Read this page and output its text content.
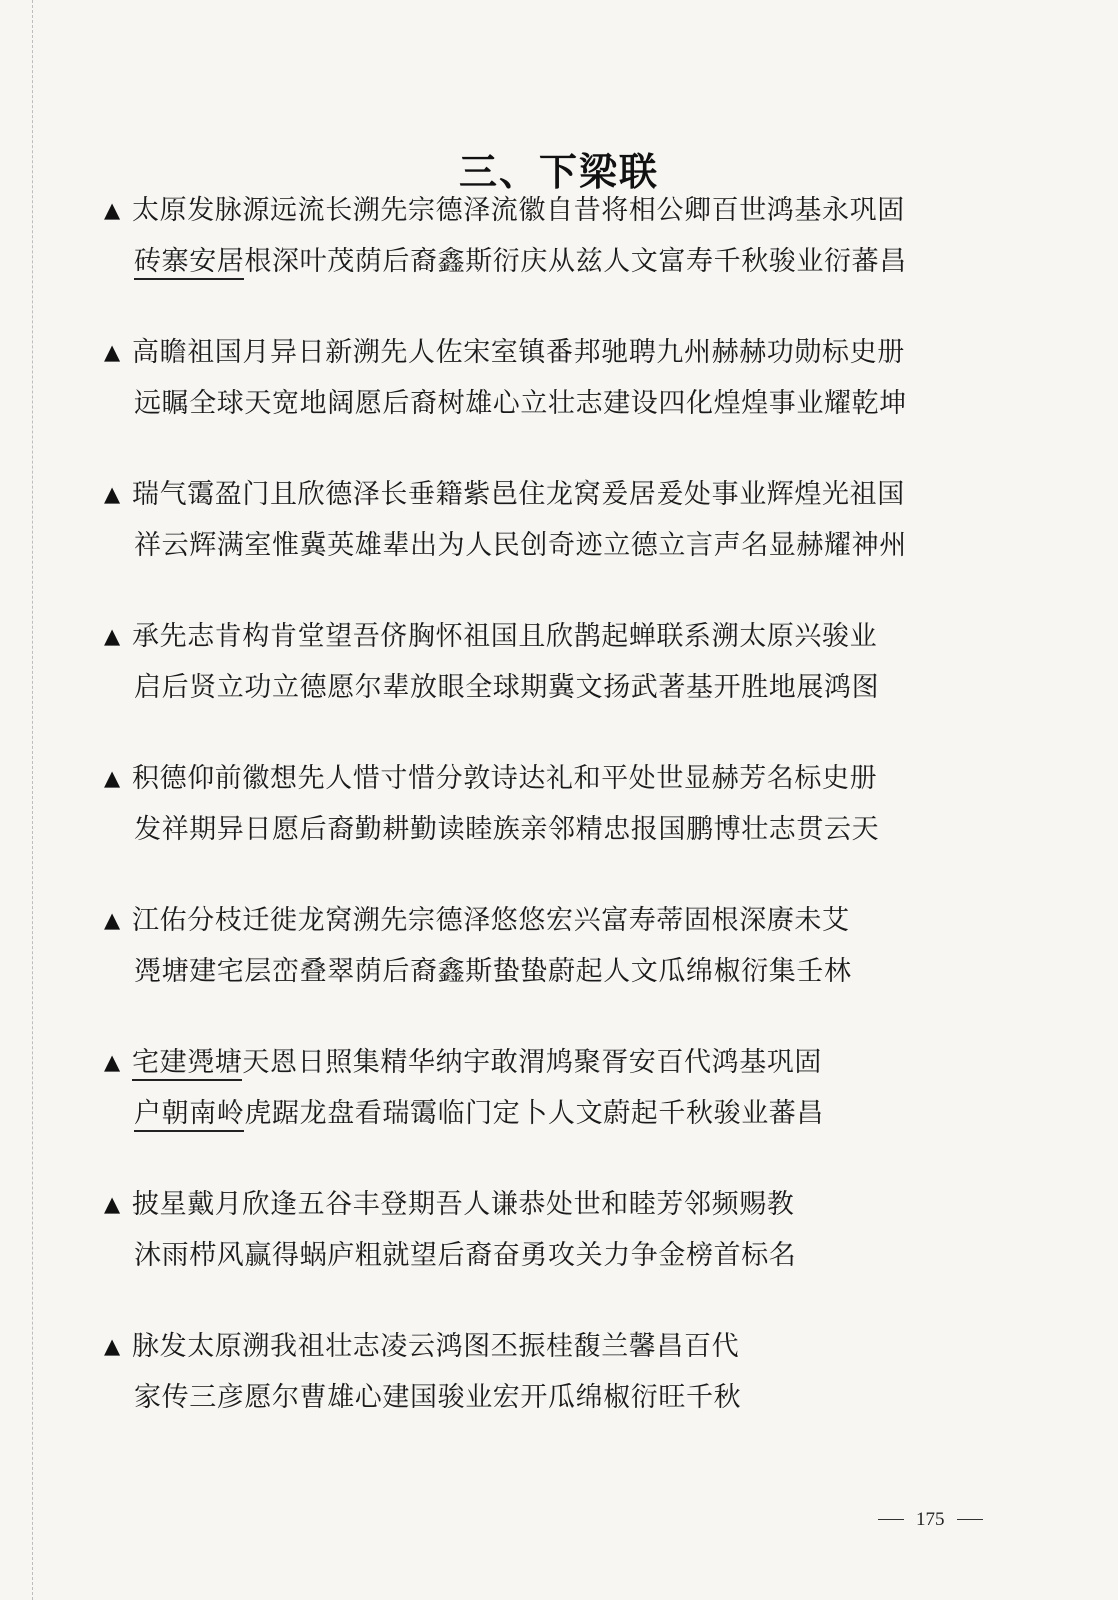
三、下梁联
▲ 太原发脉源远流长溯先宗德泽流徽自昔将相公卿百世鸿基永巩固
砖寨安居根深叶茂荫后裔鑫斯衍庆从兹人文富寿千秋骏业衍蕃昌
▲ 高瞻祖国月异日新溯先人佐宋室镇番邦驰聘九州赫赫功勋标史册
远瞩全球天宽地阔愿后裔树雄心立壮志建设四化煌煌事业耀乾坤
▲ 瑞气霭盈门且欣德泽长垂籍紫邑住龙窝爰居爰处事业辉煌光祖国
祥云辉满室惟冀英雄辈出为人民创奇迹立德立言声名显赫耀神州
▲ 承先志肯构肯堂望吾侪胸怀祖国且欣鹊起蝉联系溯太原兴骏业
启后贤立功立德愿尔辈放眼全球期冀文扬武著基开胜地展鸿图
▲ 积德仰前徽想先人惜寸惜分敦诗达礼和平处世显赫芳名标史册
发祥期异日愿后裔勤耕勤读睦族亲邻精忠报国鹏博壮志贯云天
▲ 江佑分枝迁徙龙窝溯先宗德泽悠悠宏兴富寿蒂固根深赓未艾
凴塘建宅层峦叠翠荫后裔鑫斯蛰蛰蔚起人文瓜绵椒衍集壬林
▲ 宅建凴塘天恩日照集精华纳宇敢渭鸠聚胥安百代鸿基巩固
户朝南岭虎踞龙盘看瑞霭临门定卜人文蔚起千秋骏业蕃昌
▲ 披星戴月欣逢五谷丰登期吾人谦恭处世和睦芳邻频赐教
沐雨栉风赢得蜗庐粗就望后裔奋勇攻关力争金榜首标名
▲ 脉发太原溯我祖壮志凌云鸿图丕振桂馥兰馨昌百代
家传三彦愿尔曹雄心建国骏业宏开瓜绵椒衍旺千秋
175
